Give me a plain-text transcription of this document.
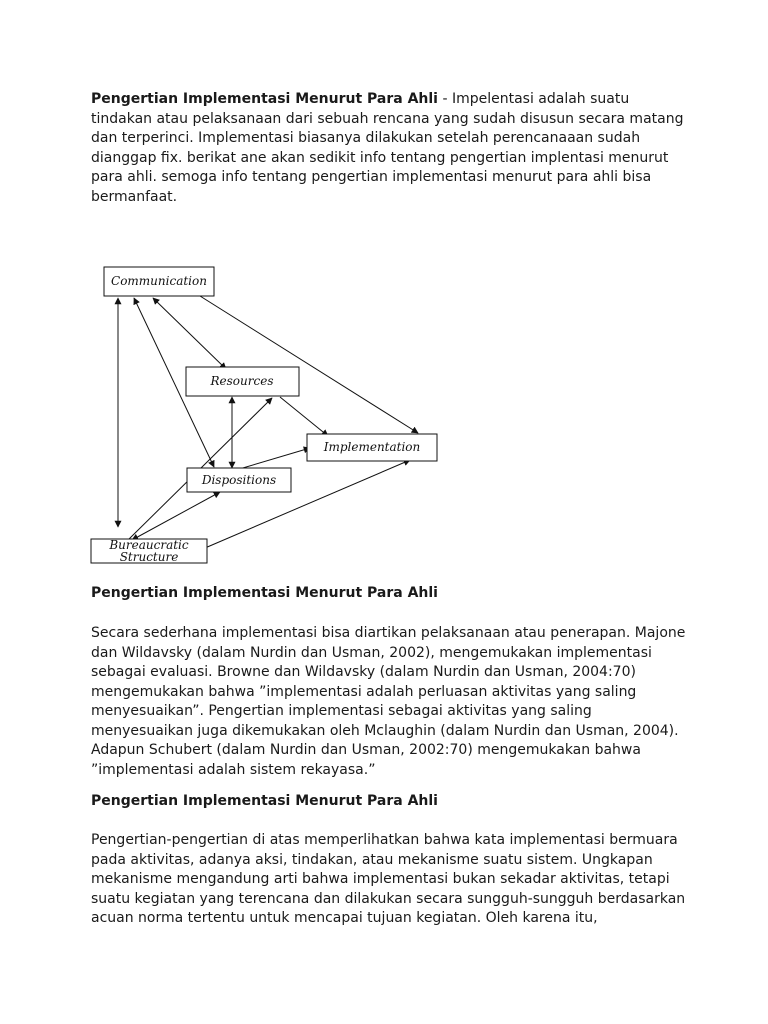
Pengertian Implementasi Menurut Para Ahli - Impelentasi adalah suatu
tindakan atau pelaksanaan dari sebuah rencana yang sudah disusun secara matang
dan terperinci. Implementasi biasanya dilakukan setelah perencanaaan sudah
dianggap fix. berikat ane akan sedikit info tentang pengertian implentasi menurut
para ahli. semoga info tentang pengertian implementasi menurut para ahli bisa
bermanfaat.
Communication
Resources
Implementation
Dispositions
Bureaucratic
Structure
Pengertian Implementasi Menurut Para Ahli
Secara sederhana implementasi bisa diartikan pelaksanaan atau penerapan. Majone
dan Wildavsky (dalam Nurdin dan Usman, 2002), mengemukakan implementasi
sebagai evaluasi. Browne dan Wildavsky (dalam Nurdin dan Usman, 2004:70)
mengemukakan bahwa ”implementasi adalah perluasan aktivitas yang saling
menyesuaikan”. Pengertian implementasi sebagai aktivitas yang saling
menyesuaikan juga dikemukakan oleh Mclaughin (dalam Nurdin dan Usman, 2004).
Adapun Schubert (dalam Nurdin dan Usman, 2002:70) mengemukakan bahwa
”implementasi adalah sistem rekayasa.”
Pengertian Implementasi Menurut Para Ahli
Pengertian-pengertian di atas memperlihatkan bahwa kata implementasi bermuara
pada aktivitas, adanya aksi, tindakan, atau mekanisme suatu sistem. Ungkapan
mekanisme mengandung arti bahwa implementasi bukan sekadar aktivitas, tetapi
suatu kegiatan yang terencana dan dilakukan secara sungguh-sungguh berdasarkan
acuan norma tertentu untuk mencapai tujuan kegiatan. Oleh karena itu,
